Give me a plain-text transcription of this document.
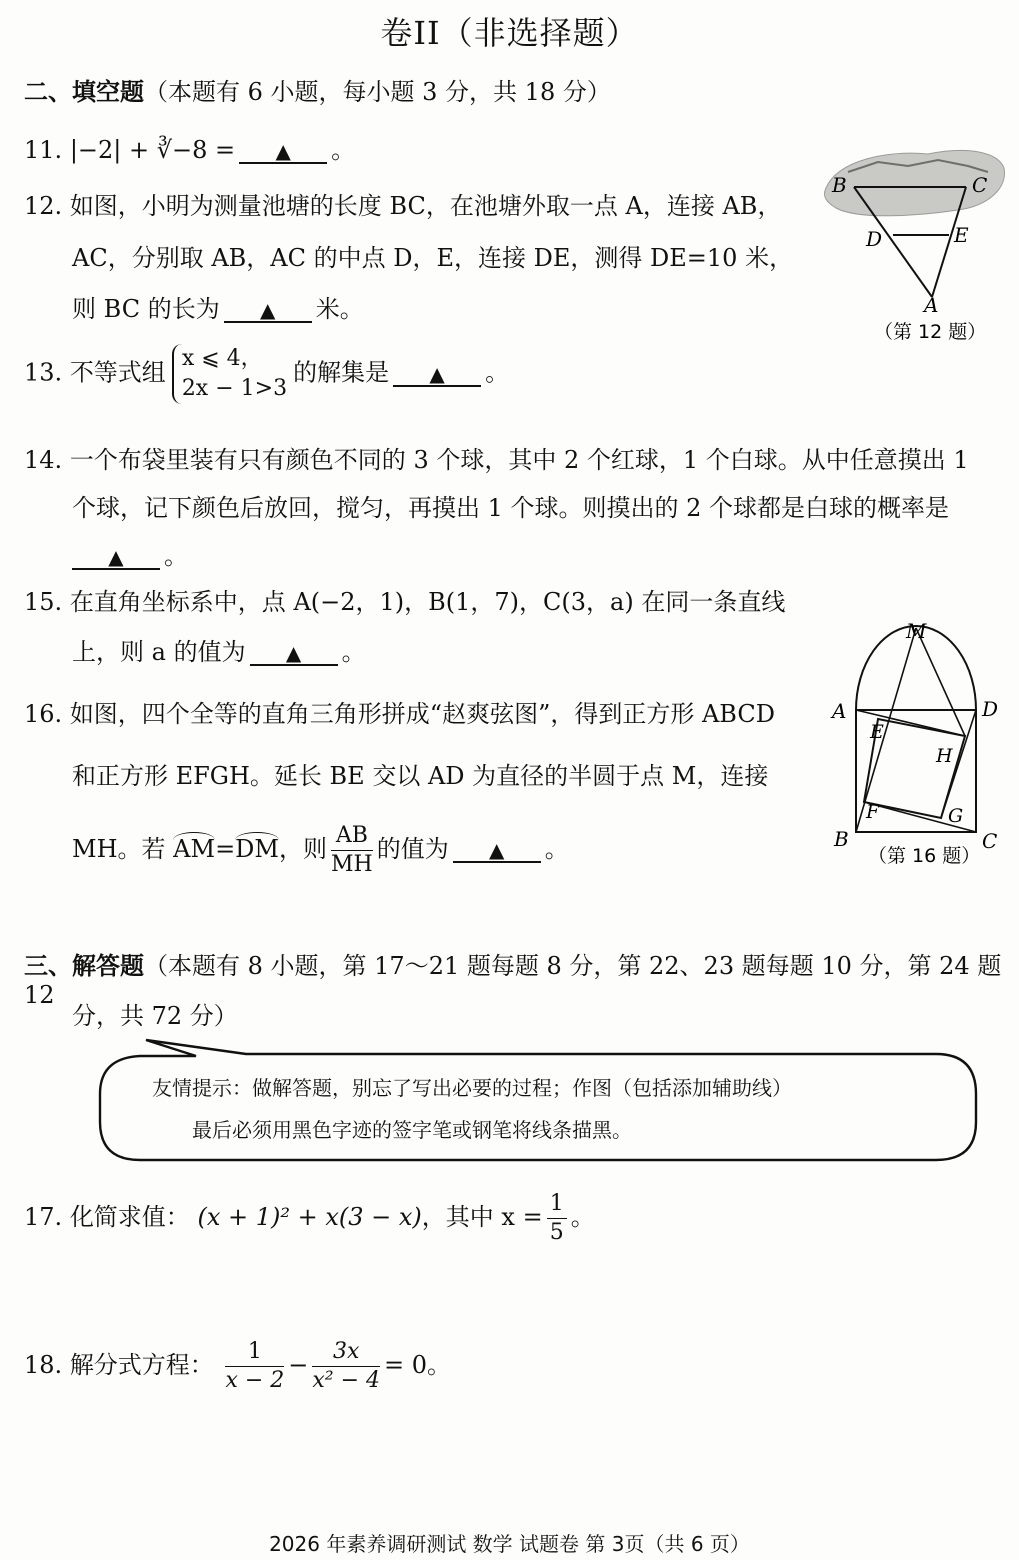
卷II（非选择题）
二、填空题（本题有 6 小题，每小题 3 分，共 18 分）
11. |−2| + ∛−8 = ▲ 。
12. 如图，小明为测量池塘的长度 BC，在池塘外取一点 A，连接 AB，
AC，分别取 AB，AC 的中点 D，E，连接 DE，测得 DE=10 米，
则 BC 的长为 ▲ 米。
B	C
D	E
A
（第 12 题）
13. 不等式组 x ⩽ 4，
2x − 1>3
的解集是 ▲ 。
14. 一个布袋里装有只有颜色不同的 3 个球，其中 2 个红球，1 个白球。从中任意摸出 1
个球，记下颜色后放回，搅匀，再摸出 1 个球。则摸出的 2 个球都是白球的概率是
▲ 。
15. 在直角坐标系中，点 A(−2，1)，B(1，7)，C(3，a) 在同一条直线
上，则 a 的值为 ▲ 。
16. 如图，四个全等的直角三角形拼成“赵爽弦图”，得到正方形 ABCD
和正方形 EFGH。延长 BE 交以 AD 为直径的半圆于点 M，连接
MH。若 AM=DM，则 $\frac{AB}{MH}$ 的值为 ▲ 。
M
A	D
E
H
F	G
B	C
（第 16 题）
三、解答题（本题有 8 小题，第 17～21 题每题 8 分，第 22、23 题每题 10 分，第 24 题 12
分，共 72 分）
友情提示：做解答题，别忘了写出必要的过程；作图（包括添加辅助线）
最后必须用黑色字迹的签字笔或钢笔将线条描黑。
17. 化简求值： (x + 1)² + x(3 − x)，其中 $x = \frac{1}{5}$ 。
18. 解分式方程： $\frac{1}{x - 2} - \frac{3x}{\text{x² − 4}} = 0$。
2026 年素养调研测试 数学 试题卷 第 3页（共 6 页）
